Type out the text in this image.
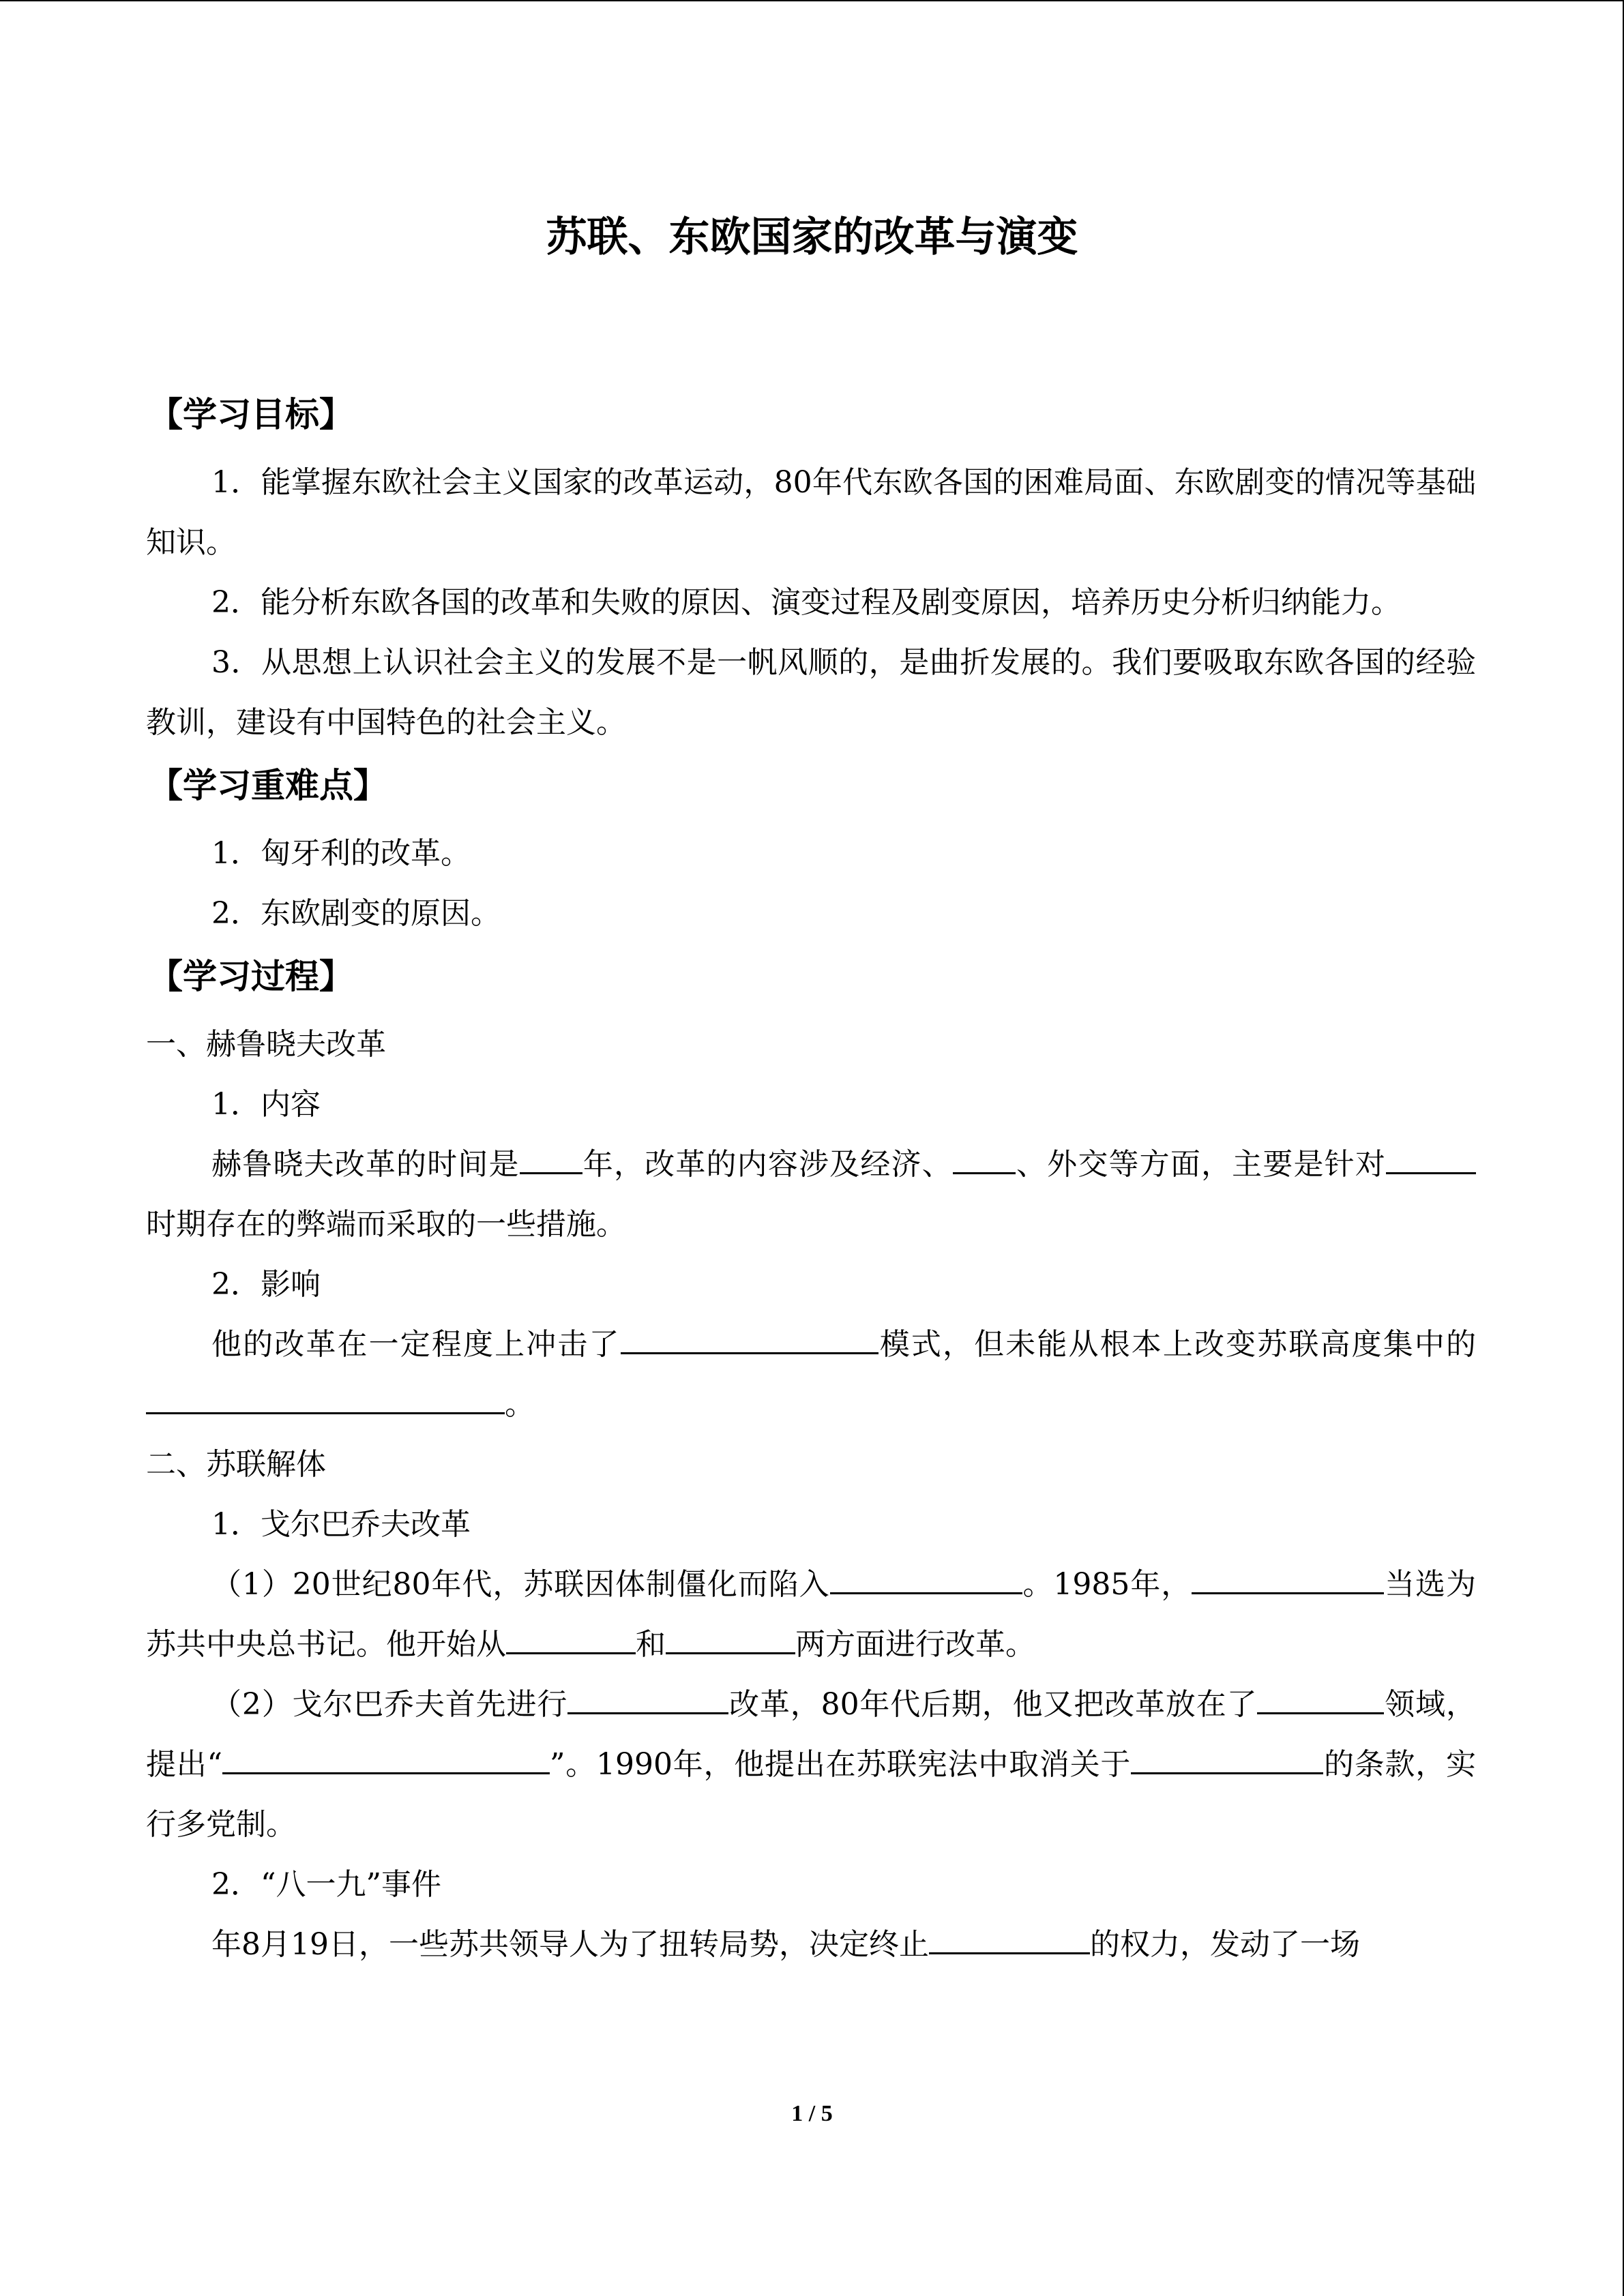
苏联、东欧国家的改革与演变
【学习目标】

1．能掌握东欧社会主义国家的改革运动，80年代东欧各国的困难局面、东欧剧变的情况等基础知识。

2．能分析东欧各国的改革和失败的原因、演变过程及剧变原因，培养历史分析归纳能力。

3．从思想上认识社会主义的发展不是一帆风顺的，是曲折发展的。我们要吸取东欧各国的经验教训，建设有中国特色的社会主义。

【学习重难点】

1．匈牙利的改革。

2．东欧剧变的原因。

【学习过程】

一、赫鲁晓夫改革

1．内容

赫鲁晓夫改革的时间是 年，改革的内容涉及经济、 、外交等方面，主要是针对时期存在的弊端而采取的一些措施。

2．影响

他的改革在一定程度上冲击了	模式，但未能从根本上改变苏联高度集中的。

二、苏联解体

1．戈尔巴乔夫改革

（1）20世纪80年代，苏联因体制僵化而陷入	。1985年，	当选为苏共中央总书记。他开始从	和	两方面进行改革。

（2）戈尔巴乔夫首先进行	改革，80年代后期，他又把改革放在了	领域，提出“	”。1990年，他提出在苏联宪法中取消关于	的条款，实行多党制。

2．“八一九”事件

年8月19日，一些苏共领导人为了扭转局势，决定终止	的权力，发动了一场

1 / 5
